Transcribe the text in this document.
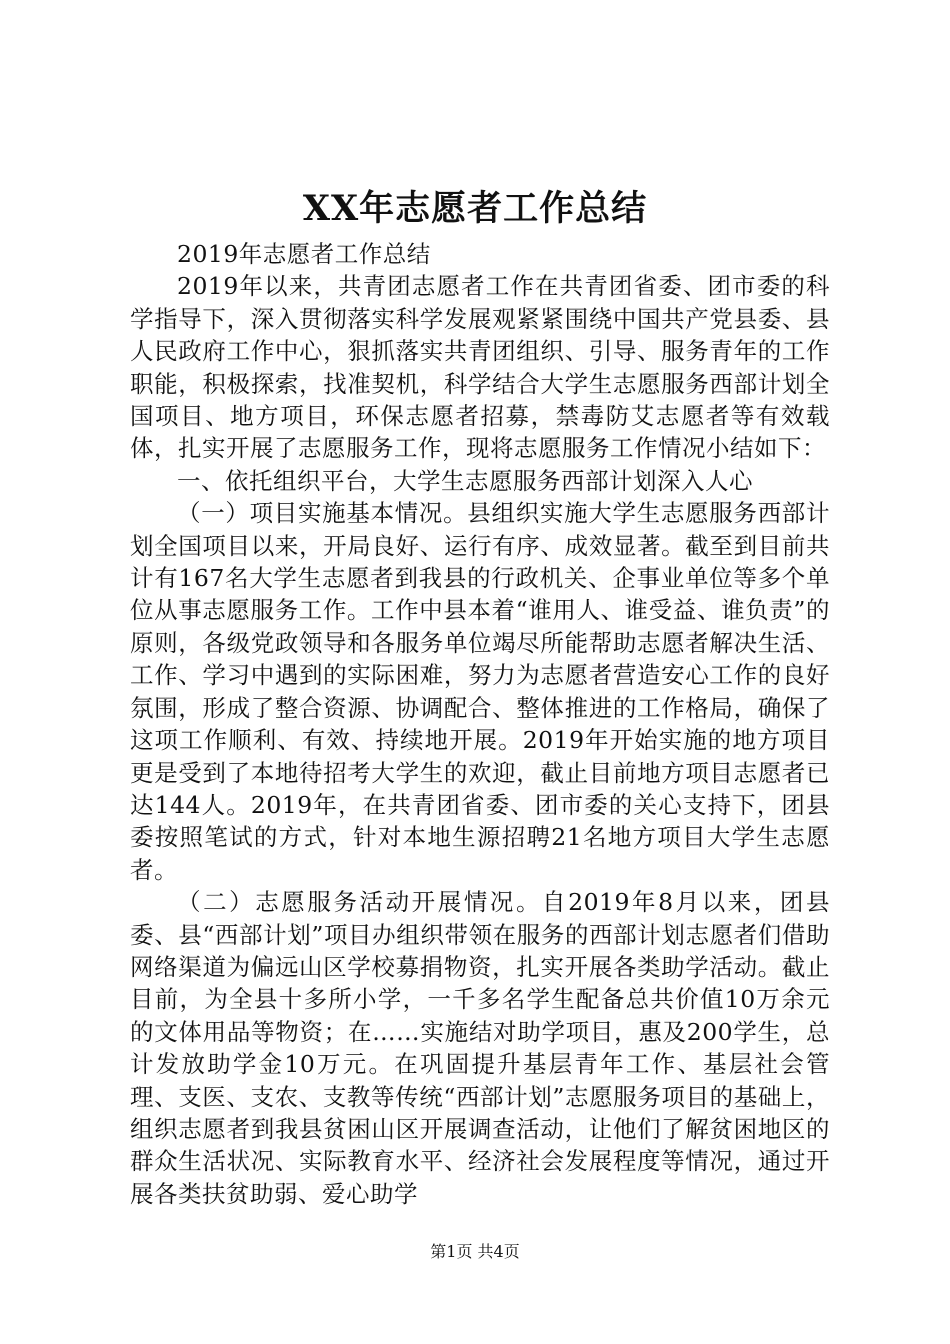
XX年志愿者工作总结

2019年志愿者工作总结

2019年以来，共青团志愿者工作在共青团省委、团市委的科学指导下，深入贯彻落实科学发展观紧紧围绕中国共产党县委、县人民政府工作中心，狠抓落实共青团组织、引导、服务青年的工作职能，积极探索，找准契机，科学结合大学生志愿服务西部计划全国项目、地方项目，环保志愿者招募，禁毒防艾志愿者等有效载体，扎实开展了志愿服务工作，现将志愿服务工作情况小结如下：

一、依托组织平台，大学生志愿服务西部计划深入人心

（一）项目实施基本情况。县组织实施大学生志愿服务西部计划全国项目以来，开局良好、运行有序、成效显著。截至到目前共计有167名大学生志愿者到我县的行政机关、企事业单位等多个单位从事志愿服务工作。工作中县本着“谁用人、谁受益、谁负责”的原则，各级党政领导和各服务单位竭尽所能帮助志愿者解决生活、工作、学习中遇到的实际困难，努力为志愿者营造安心工作的良好氛围，形成了整合资源、协调配合、整体推进的工作格局，确保了这项工作顺利、有效、持续地开展。2019年开始实施的地方项目更是受到了本地待招考大学生的欢迎，截止目前地方项目志愿者已达144人。2019年，在共青团省委、团市委的关心支持下，团县委按照笔试的方式，针对本地生源招聘21名地方项目大学生志愿者。

（二）志愿服务活动开展情况。自2019年8月以来，团县委、县“西部计划”项目办组织带领在服务的西部计划志愿者们借助网络渠道为偏远山区学校募捐物资，扎实开展各类助学活动。截止目前，为全县十多所小学，一千多名学生配备总共价值10万余元的文体用品等物资；在……实施结对助学项目，惠及200学生，总计发放助学金10万元。在巩固提升基层青年工作、基层社会管理、支医、支农、支教等传统“西部计划”志愿服务项目的基础上，组织志愿者到我县贫困山区开展调查活动，让他们了解贫困地区的群众生活状况、实际教育水平、经济社会发展程度等情况，通过开展各类扶贫助弱、爱心助学

第1页 共4页
